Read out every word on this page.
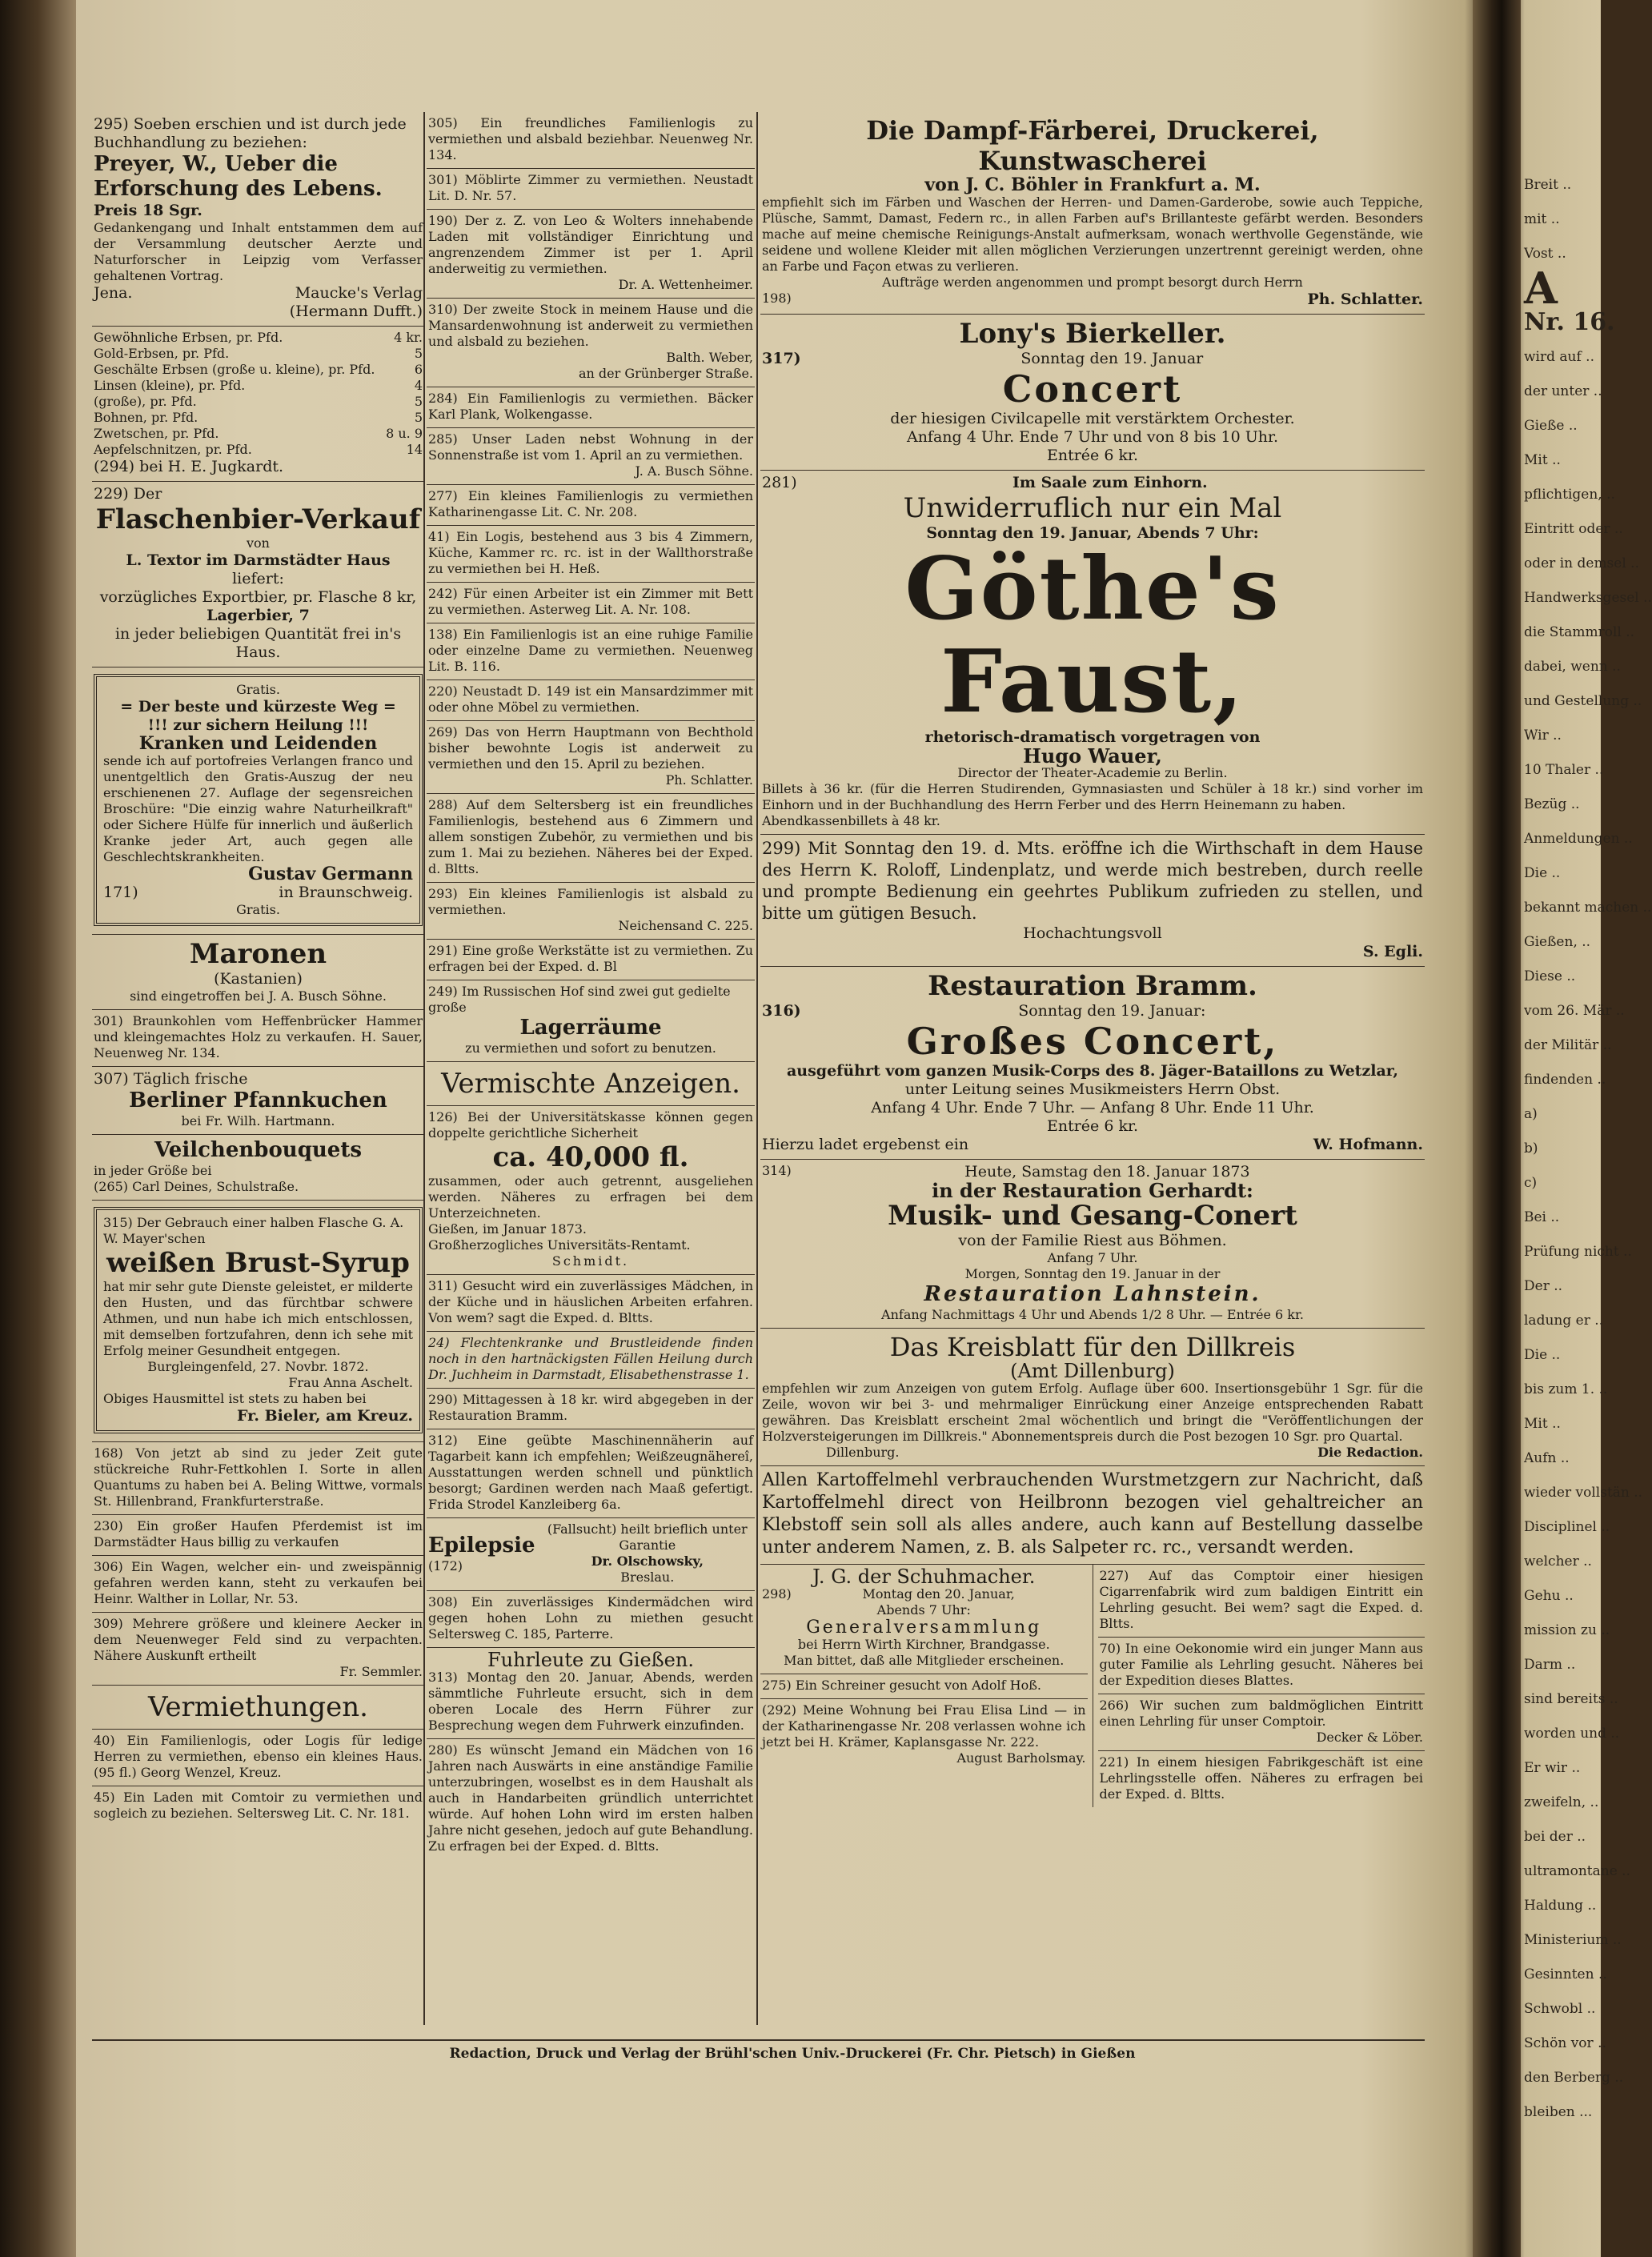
295) Soeben erschien und ist durch jede Buchhandlung zu beziehen:

Preyer, W., Ueber die Erforschung des Lebens.

Preis 18 Sgr.

Gedankengang und Inhalt entstammen dem auf der Versammlung deutscher Aerzte und Naturforscher in Leipzig vom Verfasser gehaltenen Vortrag.

Jena.	Maucke's Verlag

(Hermann Dufft.)

Gewöhnliche Erbsen, pr. Pfd.	4 kr.
Gold-Erbsen, pr. Pfd.	5
Geschälte Erbsen (große u. kleine), pr. Pfd.	6
Linsen (kleine), pr. Pfd.	4
(große), pr. Pfd.	5
Bohnen, pr. Pfd.	5
Zwetschen, pr. Pfd.	8 u. 9
Aepfelschnitzen, pr. Pfd.	14

(294) bei H. E. Jugkardt.

229) Der

Flaschenbier-Verkauf

von

L. Textor im Darmstädter Haus

liefert:

vorzügliches Exportbier, pr. Flasche 8 kr,

Lagerbier, 7

in jeder beliebigen Quantität frei in's Haus.

Gratis.

= Der beste und kürzeste Weg =

!!! zur sichern Heilung !!!

Kranken und Leidenden

sende ich auf portofreies Verlangen franco und unentgeltlich den Gratis-Auszug der neu erschienenen 27. Auflage der segensreichen Broschüre: "Die einzig wahre Naturheilkraft" oder Sichere Hülfe für innerlich und äußerlich Kranke jeder Art, auch gegen alle Geschlechtskrankheiten.

Gustav Germann

171)	in Braunschweig.

Gratis.

Maronen

(Kastanien)

sind eingetroffen bei J. A. Busch Söhne.

301) Braunkohlen vom Heffenbrücker Hammer und kleingemachtes Holz zu verkaufen. H. Sauer, Neuenweg Nr. 134.

307) Täglich frische

Berliner Pfannkuchen

bei Fr. Wilh. Hartmann.

Veilchenbouquets

in jeder Größe bei

(265) Carl Deines, Schulstraße.

315) Der Gebrauch einer halben Flasche G. A. W. Mayer'schen

weißen Brust-Syrup

hat mir sehr gute Dienste geleistet, er milderte den Husten, und das fürchtbar schwere Athmen, und nun habe ich mich entschlossen, mit demselben fortzufahren, denn ich sehe mit Erfolg meiner Gesundheit entgegen.

Burgleingenfeld, 27. Novbr. 1872.

Frau Anna Aschelt.

Obiges Hausmittel ist stets zu haben bei

Fr. Bieler, am Kreuz.

168) Von jetzt ab sind zu jeder Zeit gute stückreiche Ruhr-Fettkohlen I. Sorte in allen Quantums zu haben bei A. Beling Wittwe, vormals St. Hillenbrand, Frankfurterstraße.

230) Ein großer Haufen Pferdemist ist im Darmstädter Haus billig zu verkaufen

306) Ein Wagen, welcher ein- und zweispännig gefahren werden kann, steht zu verkaufen bei Heinr. Walther in Lollar, Nr. 53.

309) Mehrere größere und kleinere Aecker in dem Neuenweger Feld sind zu verpachten. Nähere Auskunft ertheilt

Fr. Semmler.

Vermiethungen.

40) Ein Familienlogis, oder Logis für ledige Herren zu vermiethen, ebenso ein kleines Haus. (95 fl.) Georg Wenzel, Kreuz.

45) Ein Laden mit Comtoir zu vermiethen und sogleich zu beziehen. Seltersweg Lit. C. Nr. 181.

305) Ein freundliches Familienlogis zu vermiethen und alsbald beziehbar. Neuenweg Nr. 134.

301) Möblirte Zimmer zu vermiethen. Neustadt Lit. D. Nr. 57.

190) Der z. Z. von Leo & Wolters innehabende Laden mit vollständiger Einrichtung und angrenzendem Zimmer ist per 1. April anderweitig zu vermiethen.

Dr. A. Wettenheimer.

310) Der zweite Stock in meinem Hause und die Mansardenwohnung ist anderweit zu vermiethen und alsbald zu beziehen.

Balth. Weber,

an der Grünberger Straße.

284) Ein Familienlogis zu vermiethen. Bäcker Karl Plank, Wolkengasse.

285) Unser Laden nebst Wohnung in der Sonnenstraße ist vom 1. April an zu vermiethen.

J. A. Busch Söhne.

277) Ein kleines Familienlogis zu vermiethen Katharinengasse Lit. C. Nr. 208.

41) Ein Logis, bestehend aus 3 bis 4 Zimmern, Küche, Kammer rc. rc. ist in der Wallthorstraße zu vermiethen bei H. Heß.

242) Für einen Arbeiter ist ein Zimmer mit Bett zu vermiethen. Asterweg Lit. A. Nr. 108.

138) Ein Familienlogis ist an eine ruhige Familie oder einzelne Dame zu vermiethen. Neuenweg Lit. B. 116.

220) Neustadt D. 149 ist ein Mansardzimmer mit oder ohne Möbel zu vermiethen.

269) Das von Herrn Hauptmann von Bechthold bisher bewohnte Logis ist anderweit zu vermiethen und den 15. April zu beziehen.

Ph. Schlatter.

288) Auf dem Seltersberg ist ein freundliches Familienlogis, bestehend aus 6 Zimmern und allem sonstigen Zubehör, zu vermiethen und bis zum 1. Mai zu beziehen. Näheres bei der Exped. d. Bltts.

293) Ein kleines Familienlogis ist alsbald zu vermiethen.

Neichensand C. 225.

291) Eine große Werkstätte ist zu vermiethen. Zu erfragen bei der Exped. d. Bl

249) Im Russischen Hof sind zwei gut gedielte große

Lagerräume

zu vermiethen und sofort zu benutzen.

Vermischte Anzeigen.

126) Bei der Universitätskasse können gegen doppelte gerichtliche Sicherheit

ca. 40,000 fl.

zusammen, oder auch getrennt, ausgeliehen werden. Näheres zu erfragen bei dem Unterzeichneten.

Gießen, im Januar 1873.

Großherzogliches Universitäts-Rentamt.

Schmidt.

311) Gesucht wird ein zuverlässiges Mädchen, in der Küche und in häuslichen Arbeiten erfahren. Von wem? sagt die Exped. d. Bltts.

24) Flechtenkranke und Brustleidende finden noch in den hartnäckigsten Fällen Heilung durch Dr. Juchheim in Darmstadt, Elisabethenstrasse 1.

290) Mittagessen à 18 kr. wird abgegeben in der Restauration Bramm.

312) Eine geübte Maschinennäherin auf Tagarbeit kann ich empfehlen; Weißzeugnähereî, Ausstattungen werden schnell und pünktlich besorgt; Gardinen werden nach Maaß gefertigt. Frida Strodel Kanzleiberg 6a.

Epilepsie

(172)

(Fallsucht) heilt brieflich unter Garantie

Dr. Olschowsky,

Breslau.

308) Ein zuverlässiges Kindermädchen wird gegen hohen Lohn zu miethen gesucht Seltersweg C. 185, Parterre.

Fuhrleute zu Gießen.

313) Montag den 20. Januar, Abends, werden sämmtliche Fuhrleute ersucht, sich in dem oberen Locale des Herrn Führer zur Besprechung wegen dem Fuhrwerk einzufinden.

280) Es wünscht Jemand ein Mädchen von 16 Jahren nach Auswärts in eine anständige Familie unterzubringen, woselbst es in dem Haushalt als auch in Handarbeiten gründlich unterrichtet würde. Auf hohen Lohn wird im ersten halben Jahre nicht gesehen, jedoch auf gute Behandlung. Zu erfragen bei der Exped. d. Bltts.

Die Dampf-Färberei, Druckerei, Kunstwascherei

von J. C. Böhler in Frankfurt a. M.

empfiehlt sich im Färben und Waschen der Herren- und Damen-Garderobe, sowie auch Teppiche, Plüsche, Sammt, Damast, Federn rc., in allen Farben auf's Brillanteste gefärbt werden. Besonders mache auf meine chemische Reinigungs-Anstalt aufmerksam, wonach werthvolle Gegenstände, wie seidene und wollene Kleider mit allen möglichen Verzierungen unzertrennt gereinigt werden, ohne an Farbe und Façon etwas zu verlieren.

Aufträge werden angenommen und prompt besorgt durch Herrn

198)	Ph. Schlatter.

Lony's Bierkeller.

317)	Sonntag den 19. Januar

Concert

der hiesigen Civilcapelle mit verstärktem Orchester.

Anfang 4 Uhr. Ende 7 Uhr und von 8 bis 10 Uhr.

Entrée 6 kr.

281)	Im Saale zum Einhorn.

Unwiderruflich nur ein Mal

Sonntag den 19. Januar, Abends 7 Uhr:

Göthe's Faust,

rhetorisch-dramatisch vorgetragen von

Hugo Wauer,

Director der Theater-Academie zu Berlin.

Billets à 36 kr. (für die Herren Studirenden, Gymnasiasten und Schüler à 18 kr.) sind vorher im Einhorn und in der Buchhandlung des Herrn Ferber und des Herrn Heinemann zu haben.

Abendkassenbillets à 48 kr.

299) Mit Sonntag den 19. d. Mts. eröffne ich die Wirthschaft in dem Hause des Herrn K. Roloff, Lindenplatz, und werde mich bestreben, durch reelle und prompte Bedienung ein geehrtes Publikum zufrieden zu stellen, und bitte um gütigen Besuch.

Hochachtungsvoll

S. Egli.

Restauration Bramm.

316)	Sonntag den 19. Januar:

Großes Concert,

ausgeführt vom ganzen Musik-Corps des 8. Jäger-Bataillons zu Wetzlar,

unter Leitung seines Musikmeisters Herrn Obst.

Anfang 4 Uhr. Ende 7 Uhr. — Anfang 8 Uhr. Ende 11 Uhr.

Entrée 6 kr.

Hierzu ladet ergebenst ein	W. Hofmann.
314)	Heute, Samstag den 18. Januar 1873

in der Restauration Gerhardt:

Musik- und Gesang-Conert

von der Familie Riest aus Böhmen.

Anfang 7 Uhr.

Morgen, Sonntag den 19. Januar in der

Restauration Lahnstein.

Anfang Nachmittags 4 Uhr und Abends 1/2 8 Uhr. — Entrée 6 kr.

Das Kreisblatt für den Dillkreis

(Amt Dillenburg)

empfehlen wir zum Anzeigen von gutem Erfolg. Auflage über 600. Insertionsgebühr 1 Sgr. für die Zeile, wovon wir bei 3- und mehrmaliger Einrückung einer Anzeige entsprechenden Rabatt gewähren. Das Kreisblatt erscheint 2mal wöchentlich und bringt die "Veröffentlichungen der Holzversteigerungen im Dillkreis." Abonnementspreis durch die Post bezogen 10 Sgr. pro Quartal.

Dillenburg.	Die Redaction.

Allen Kartoffelmehl verbrauchenden Wurstmetzgern zur Nachricht, daß Kartoffelmehl direct von Heilbronn bezogen viel gehaltreicher an Klebstoff sein soll als alles andere, auch kann auf Bestellung dasselbe unter anderem Namen, z. B. als Salpeter rc. rc., versandt werden.

J. G. der Schuhmacher.

298)	Montag den 20. Januar,

Abends 7 Uhr:

Generalversammlung

bei Herrn Wirth Kirchner, Brandgasse.

Man bittet, daß alle Mitglieder erscheinen.

275) Ein Schreiner gesucht von Adolf Hoß.

(292) Meine Wohnung bei Frau Elisa Lind — in der Katharinengasse Nr. 208 verlassen wohne ich jetzt bei H. Krämer, Kaplansgasse Nr. 222.

August Barholsmay.

227) Auf das Comptoir einer hiesigen Cigarrenfabrik wird zum baldigen Eintritt ein Lehrling gesucht. Bei wem? sagt die Exped. d. Bltts.

70) In eine Oekonomie wird ein junger Mann aus guter Familie als Lehrling gesucht. Näheres bei der Expedition dieses Blattes.

266) Wir suchen zum baldmöglichen Eintritt einen Lehrling für unser Comptoir.

Decker & Löber.

221) In einem hiesigen Fabrikgeschäft ist eine Lehrlingsstelle offen. Näheres zu erfragen bei der Exped. d. Bltts.

Redaction, Druck und Verlag der Brühl'schen Univ.-Druckerei (Fr. Chr. Pietsch) in Gießen
Breit ..
mit ..
Vost ..
A
Nr. 16.
wird auf ..
der unter ..
Gieße ..
Mit ..
pflichtigen, ..
Eintritt oder ..
oder in demsel ..
Handwerksgesel ..
die Stammroll ..
dabei, wenn ..
und Gestellung ..
Wir ..
10 Thaler ..
Bezüg ..
Anmeldungen ..
Die ..
bekannt machen ..
Gießen, ..
Diese ..
vom 26. Mär ..
der Militär ..
findenden ..
a)
b)
c)
Bei ..
Prüfung nicht ..
Der ..
ladung er ..
Die ..
bis zum 1. ..
Mit ..
Aufn ..
wieder vollstän ..
Disciplinel ..
welcher ..
Gehu ..
mission zu ..
Darm ..
sind bereits ..
worden und ..
Er wir ..
zweifeln, ..
bei der ..
ultramontane ..
Haldung ..
Ministerium ..
Gesinnten ..
Schwobl ..
Schön vor ..
den Berberg ..
bleiben ...
